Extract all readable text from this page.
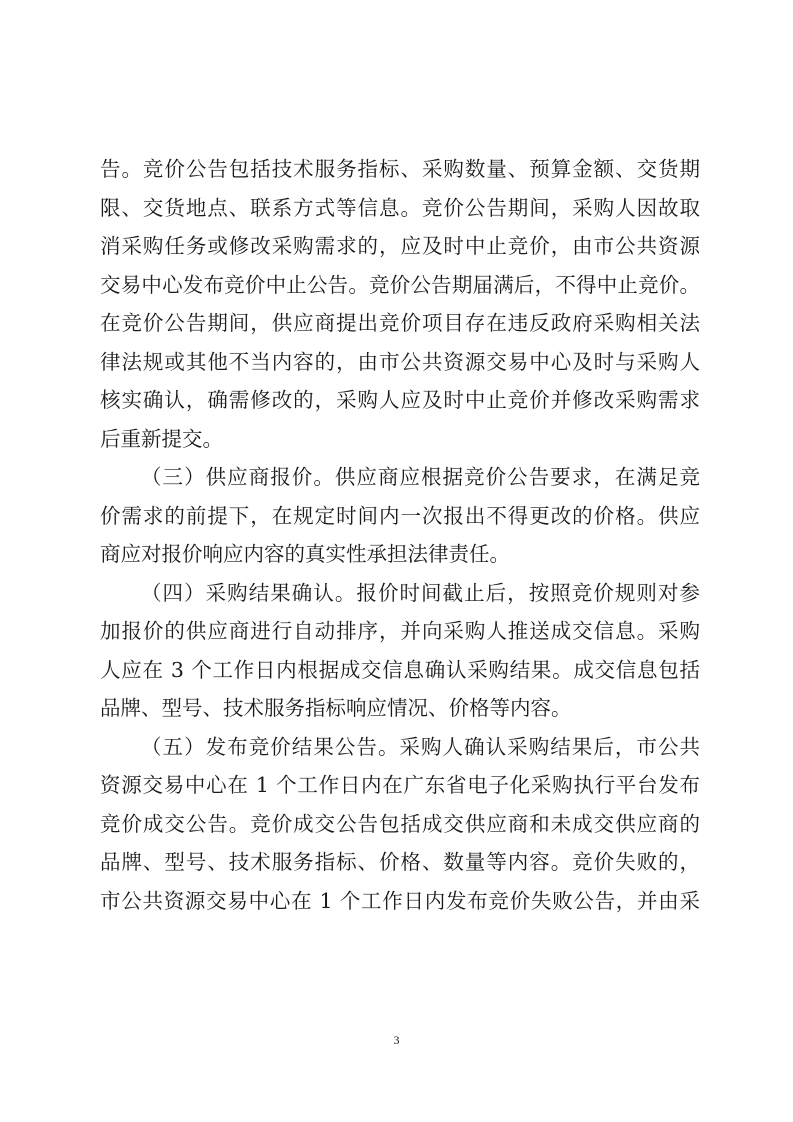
告。竞价公告包括技术服务指标、采购数量、预算金额、交货期
限、交货地点、联系方式等信息。竞价公告期间，采购人因故取
消采购任务或修改采购需求的，应及时中止竞价，由市公共资源
交易中心发布竞价中止公告。竞价公告期届满后，不得中止竞价。
在竞价公告期间，供应商提出竞价项目存在违反政府采购相关法
律法规或其他不当内容的，由市公共资源交易中心及时与采购人
核实确认，确需修改的，采购人应及时中止竞价并修改采购需求
后重新提交。
（三）供应商报价。供应商应根据竞价公告要求，在满足竞
价需求的前提下，在规定时间内一次报出不得更改的价格。供应
商应对报价响应内容的真实性承担法律责任。
（四）采购结果确认。报价时间截止后，按照竞价规则对参
加报价的供应商进行自动排序，并向采购人推送成交信息。采购
人应在 3 个工作日内根据成交信息确认采购结果。成交信息包括
品牌、型号、技术服务指标响应情况、价格等内容。
（五）发布竞价结果公告。采购人确认采购结果后，市公共
资源交易中心在 1 个工作日内在广东省电子化采购执行平台发布
竞价成交公告。竞价成交公告包括成交供应商和未成交供应商的
品牌、型号、技术服务指标、价格、数量等内容。竞价失败的，
市公共资源交易中心在 1 个工作日内发布竞价失败公告，并由采
3
